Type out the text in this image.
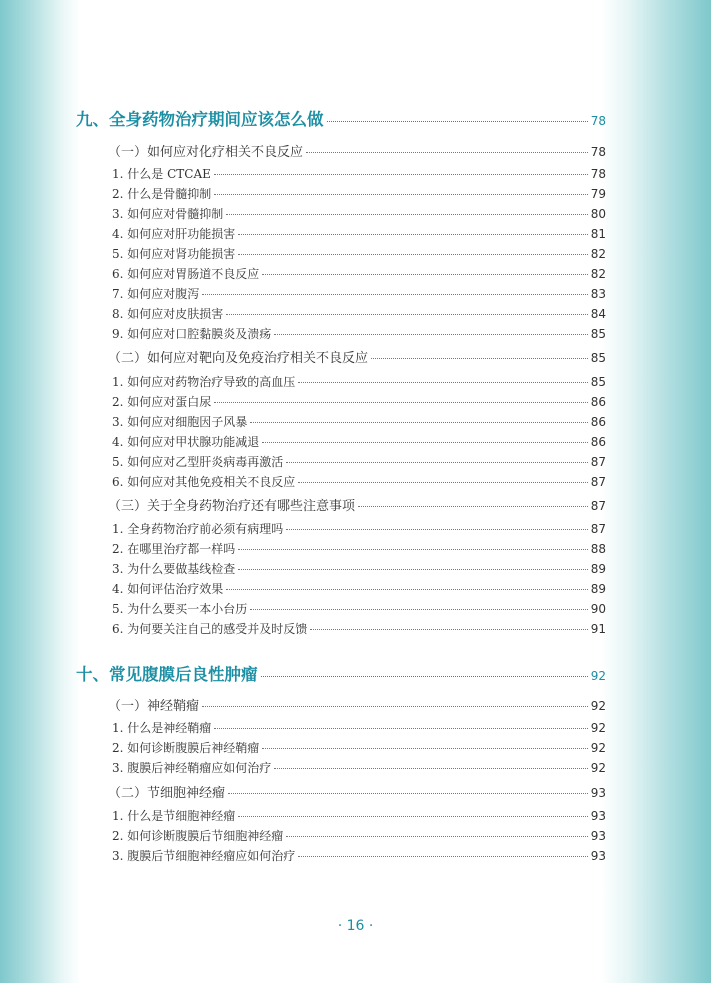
九、全身药物治疗期间应该怎么做	78
（一）如何应对化疗相关不良反应	78
1. 什么是 CTCAE	78
2. 什么是骨髓抑制	79
3. 如何应对骨髓抑制	80
4. 如何应对肝功能损害	81
5. 如何应对肾功能损害	82
6. 如何应对胃肠道不良反应	82
7. 如何应对腹泻	83
8. 如何应对皮肤损害	84
9. 如何应对口腔黏膜炎及溃疡	85
（二）如何应对靶向及免疫治疗相关不良反应	85
1. 如何应对药物治疗导致的高血压	85
2. 如何应对蛋白尿	86
3. 如何应对细胞因子风暴	86
4. 如何应对甲状腺功能减退	86
5. 如何应对乙型肝炎病毒再激活	87
6. 如何应对其他免疫相关不良反应	87
（三）关于全身药物治疗还有哪些注意事项	87
1. 全身药物治疗前必须有病理吗	87
2. 在哪里治疗都一样吗	88
3. 为什么要做基线检查	89
4. 如何评估治疗效果	89
5. 为什么要买一本小台历	90
6. 为何要关注自己的感受并及时反馈	91
十、常见腹膜后良性肿瘤	92
（一）神经鞘瘤	92
1. 什么是神经鞘瘤	92
2. 如何诊断腹膜后神经鞘瘤	92
3. 腹膜后神经鞘瘤应如何治疗	92
（二）节细胞神经瘤	93
1. 什么是节细胞神经瘤	93
2. 如何诊断腹膜后节细胞神经瘤	93
3. 腹膜后节细胞神经瘤应如何治疗	93
· 16 ·
